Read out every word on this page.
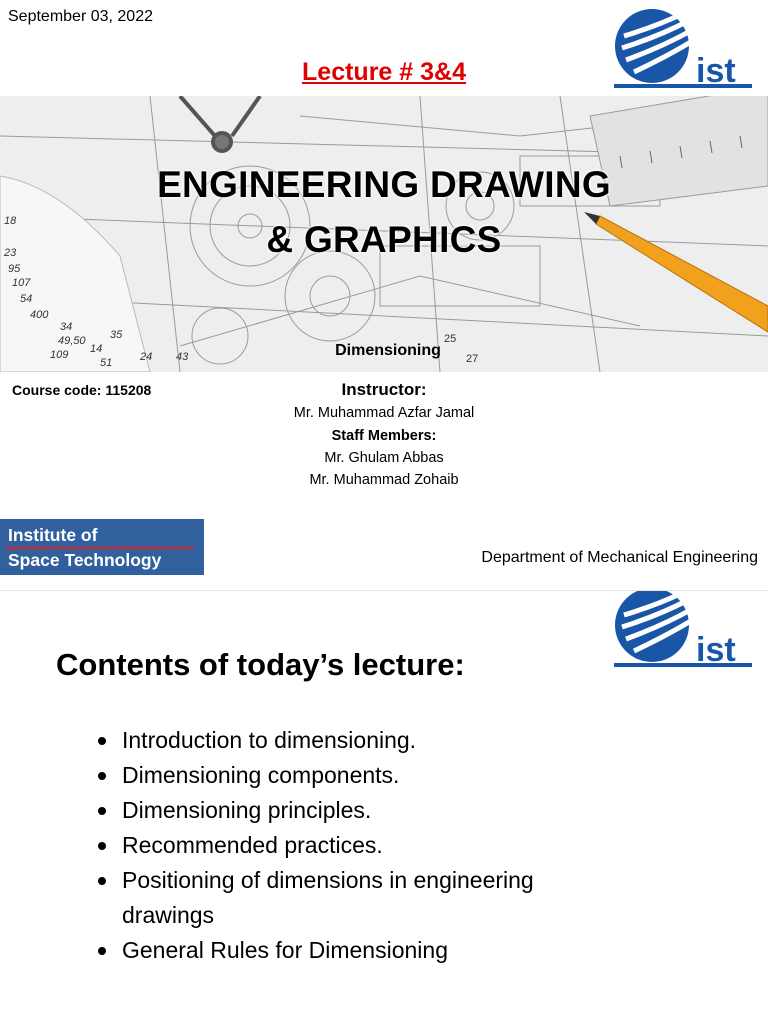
September 03, 2022
Lecture # 3&4	ist
18
23
95
107
54
400
34
49,50 35
109 14
51	24 43
25
27
ENGINEERING DRAWING
& GRAPHICS
Dimensioning
Course code: 115208	Instructor:
Mr. Muhammad Azfar Jamal
Staff Members:
Mr. Ghulam Abbas
Mr. Muhammad Zohaib
Institute of
Space Technology	Department of Mechanical Engineering
ist
Contents of today’s lecture:
Introduction to dimensioning.
Dimensioning components.
Dimensioning principles.
Recommended practices.
Positioning of dimensions in engineering drawings
General Rules for Dimensioning
